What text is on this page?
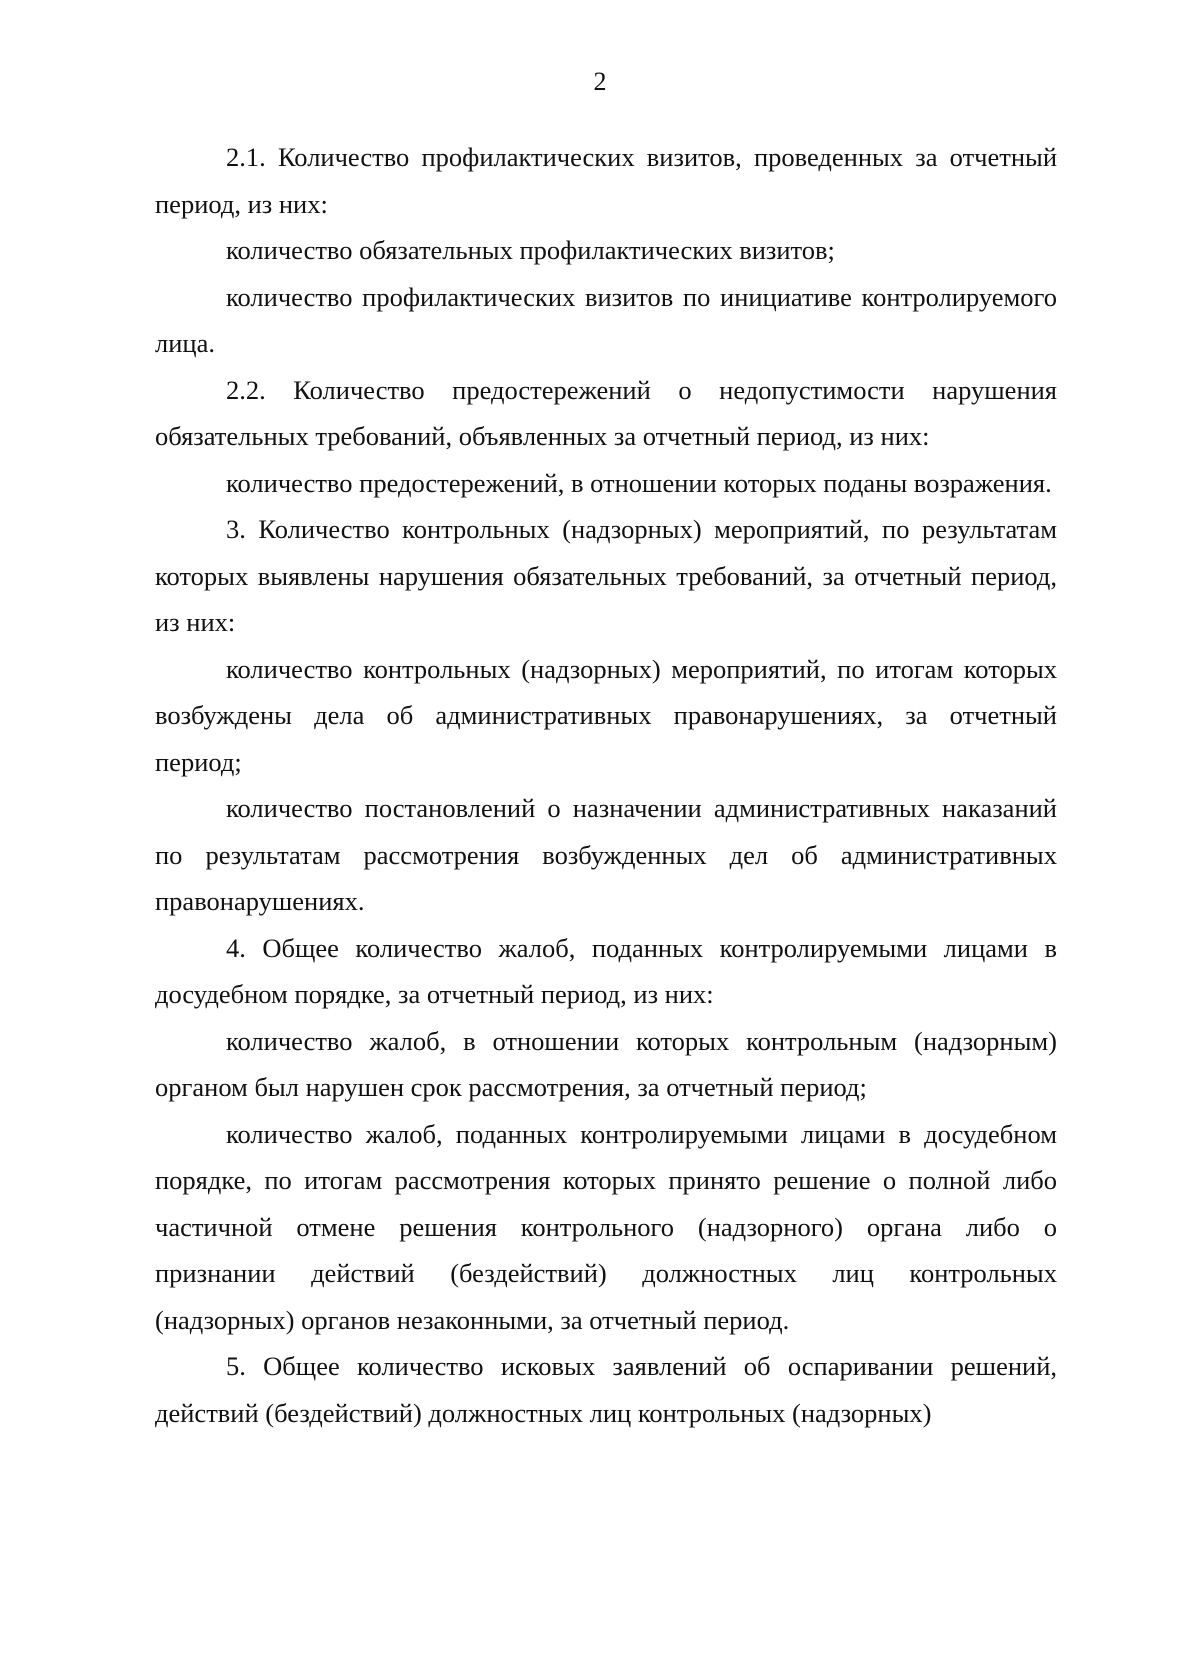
2

2.1. Количество профилактических визитов, проведенных за отчетный период, из них:

количество обязательных профилактических визитов;

количество профилактических визитов по инициативе контролируемого лица.

2.2. Количество предостережений о недопустимости нарушения обязательных требований, объявленных за отчетный период, из них:

количество предостережений, в отношении которых поданы возражения.

3. Количество контрольных (надзорных) мероприятий, по результатам которых выявлены нарушения обязательных требований, за отчетный период, из них:

количество контрольных (надзорных) мероприятий, по итогам которых возбуждены дела об административных правонарушениях, за отчетный период;

количество постановлений о назначении административных наказаний по результатам рассмотрения возбужденных дел об административных правонарушениях.

4. Общее количество жалоб, поданных контролируемыми лицами в досудебном порядке, за отчетный период, из них:

количество жалоб, в отношении которых контрольным (надзорным) органом был нарушен срок рассмотрения, за отчетный период;

количество жалоб, поданных контролируемыми лицами в досудебном порядке, по итогам рассмотрения которых принято решение о полной либо частичной отмене решения контрольного (надзорного) органа либо о признании действий (бездействий) должностных лиц контрольных (надзорных) органов незаконными, за отчетный период.

5. Общее количество исковых заявлений об оспаривании решений, действий (бездействий) должностных лиц контрольных (надзорных)
